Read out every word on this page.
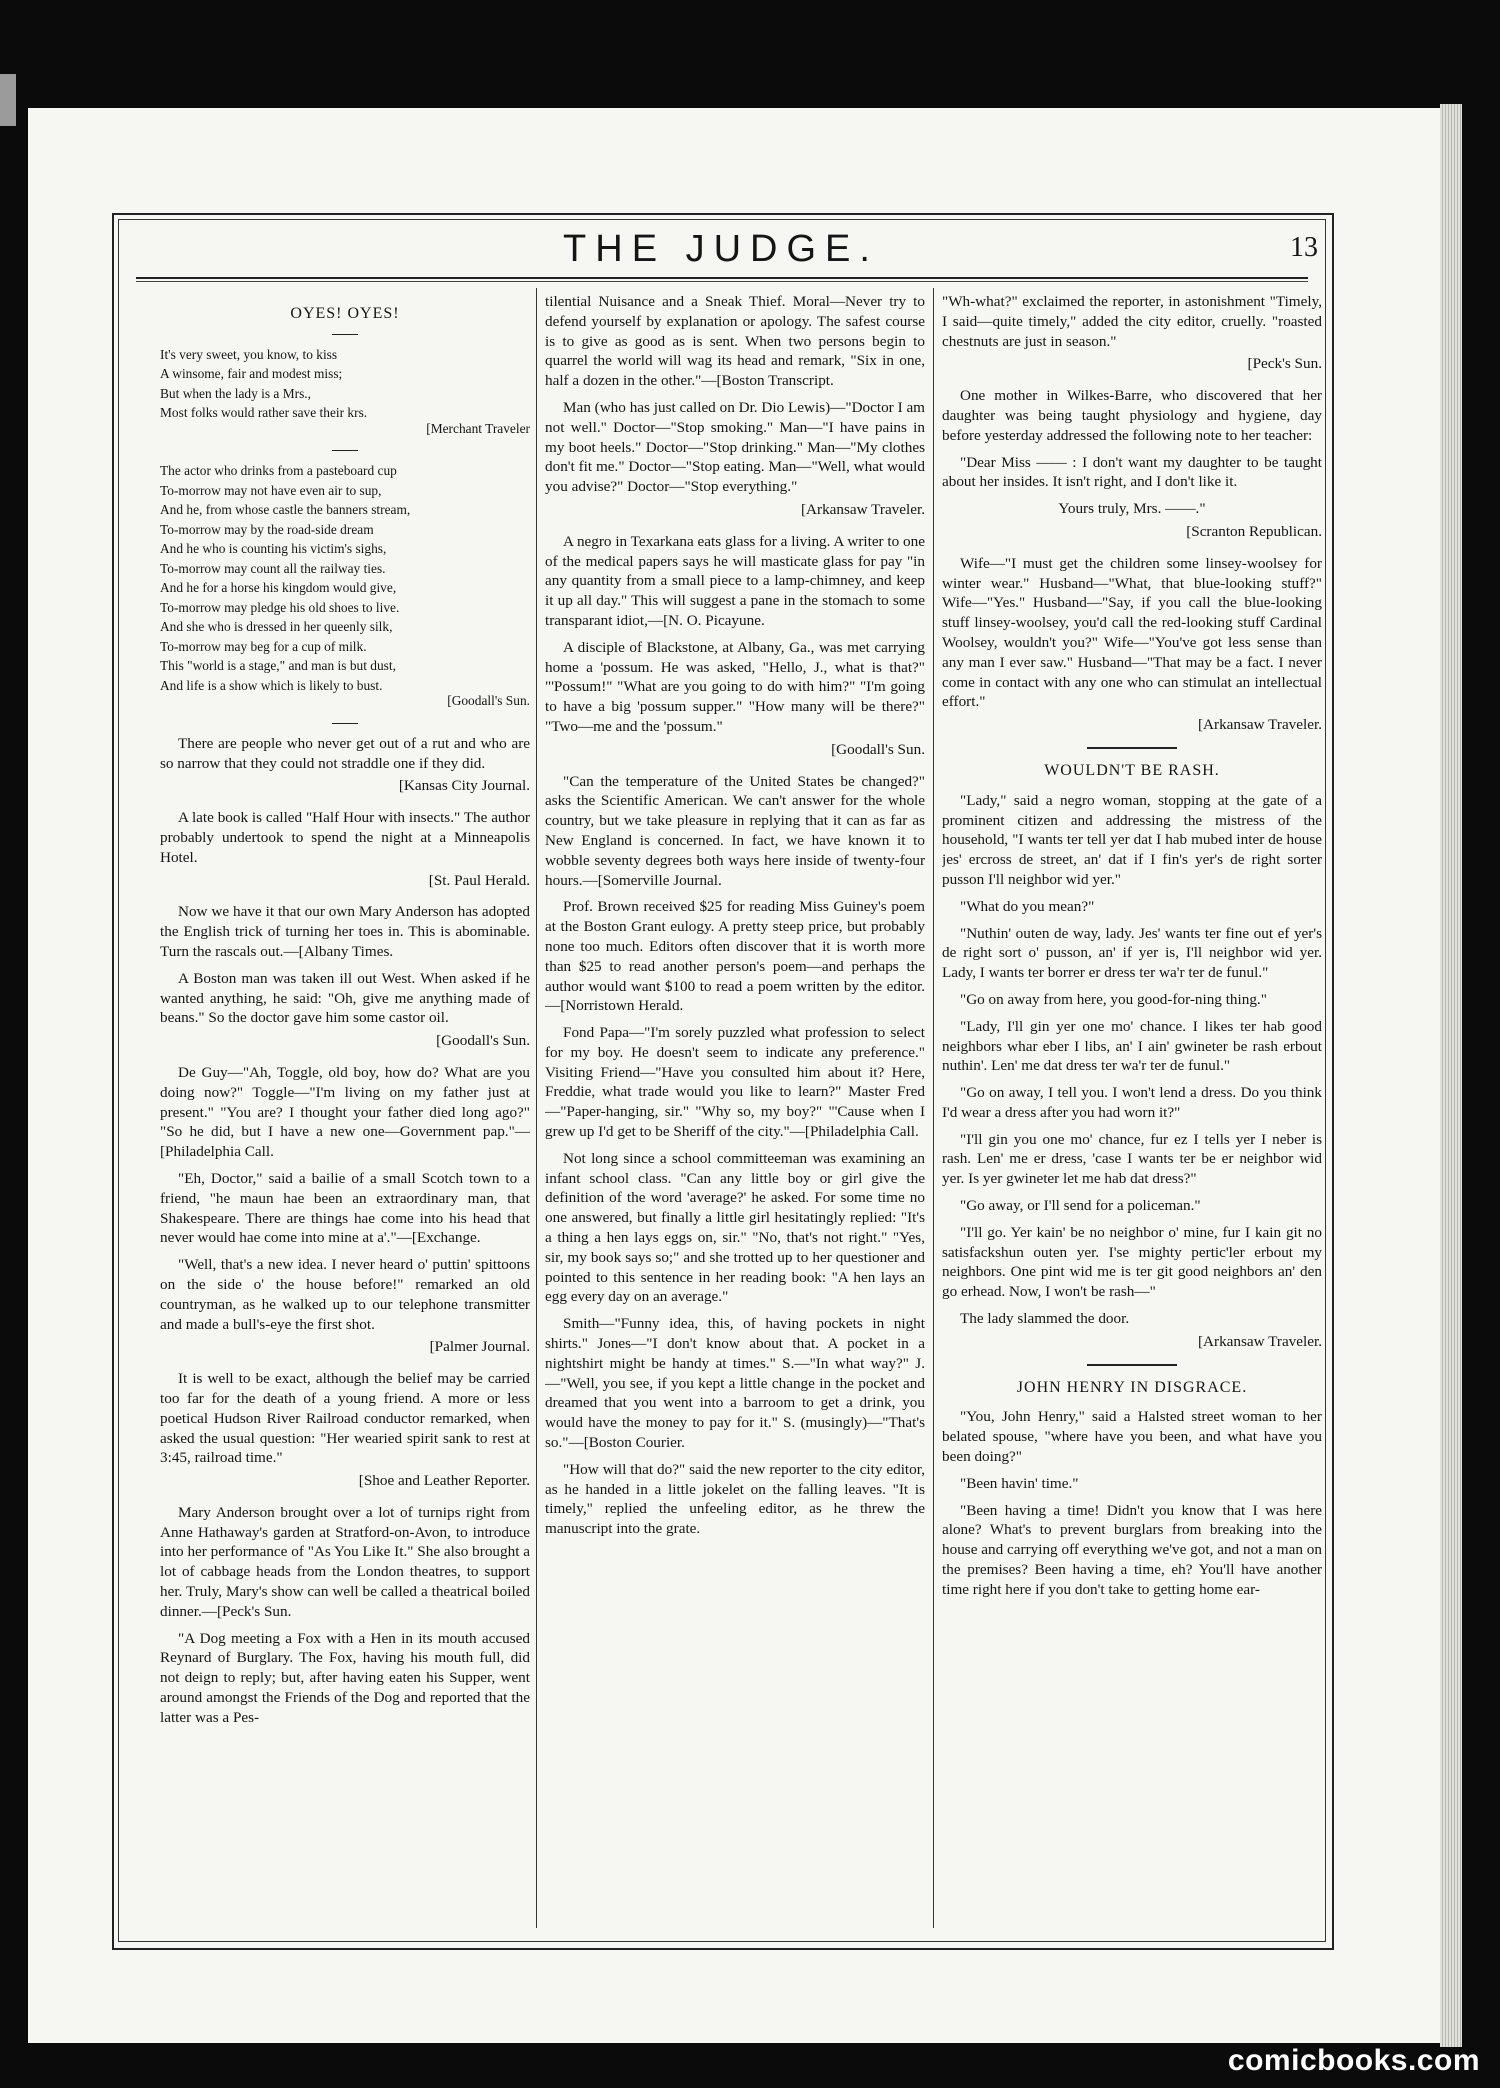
THE JUDGE.	13
OYES! OYES!
It's very sweet, you know, to kiss
A winsome, fair and modest miss;
But when the lady is a Mrs.,
Most folks would rather save their krs.
[Merchant Traveler
The actor who drinks from a pasteboard cup
To-morrow may not have even air to sup,
And he, from whose castle the banners stream,
To-morrow may by the road-side dream
And he who is counting his victim's sighs,
To-morrow may count all the railway ties.
And he for a horse his kingdom would give,
To-morrow may pledge his old shoes to live.
And she who is dressed in her queenly silk,
To-morrow may beg for a cup of milk.
This "world is a stage," and man is but dust,
And life is a show which is likely to bust.
[Goodall's Sun.

There are people who never get out of a rut and who are so narrow that they could not straddle one if they did.

[Kansas City Journal.

A late book is called "Half Hour with insects." The author probably undertook to spend the night at a Minneapolis Hotel.

[St. Paul Herald.

Now we have it that our own Mary Anderson has adopted the English trick of turning her toes in. This is abominable. Turn the rascals out.—[Albany Times.

A Boston man was taken ill out West. When asked if he wanted anything, he said: "Oh, give me anything made of beans." So the doctor gave him some castor oil.

[Goodall's Sun.

De Guy—"Ah, Toggle, old boy, how do? What are you doing now?" Toggle—"I'm living on my father just at present." "You are? I thought your father died long ago?" "So he did, but I have a new one—Government pap."—[Philadelphia Call.

"Eh, Doctor," said a bailie of a small Scotch town to a friend, "he maun hae been an extraordinary man, that Shakespeare. There are things hae come into his head that never would hae come into mine at a'."—[Exchange.

"Well, that's a new idea. I never heard o' puttin' spittoons on the side o' the house before!" remarked an old countryman, as he walked up to our telephone transmitter and made a bull's-eye the first shot.

[Palmer Journal.

It is well to be exact, although the belief may be carried too far for the death of a young friend. A more or less poetical Hudson River Railroad conductor remarked, when asked the usual question: "Her wearied spirit sank to rest at 3:45, railroad time."

[Shoe and Leather Reporter.

Mary Anderson brought over a lot of turnips right from Anne Hathaway's garden at Stratford-on-Avon, to introduce into her performance of "As You Like It." She also brought a lot of cabbage heads from the London theatres, to support her. Truly, Mary's show can well be called a theatrical boiled dinner.—[Peck's Sun.

"A Dog meeting a Fox with a Hen in its mouth accused Reynard of Burglary. The Fox, having his mouth full, did not deign to reply; but, after having eaten his Supper, went around amongst the Friends of the Dog and reported that the latter was a Pes-

tilential Nuisance and a Sneak Thief. Moral—Never try to defend yourself by explanation or apology. The safest course is to give as good as is sent. When two persons begin to quarrel the world will wag its head and remark, "Six in one, half a dozen in the other."—[Boston Transcript.

Man (who has just called on Dr. Dio Lewis)—"Doctor I am not well." Doctor—"Stop smoking." Man—"I have pains in my boot heels." Doctor—"Stop drinking." Man—"My clothes don't fit me." Doctor—"Stop eating. Man—"Well, what would you advise?" Doctor—"Stop everything."

[Arkansaw Traveler.

A negro in Texarkana eats glass for a living. A writer to one of the medical papers says he will masticate glass for pay "in any quantity from a small piece to a lamp-chimney, and keep it up all day." This will suggest a pane in the stomach to some transparant idiot,—[N. O. Picayune.

A disciple of Blackstone, at Albany, Ga., was met carrying home a 'possum. He was asked, "Hello, J., what is that?" "'Possum!" "What are you going to do with him?" "I'm going to have a big 'possum supper." "How many will be there?" "Two—me and the 'possum."

[Goodall's Sun.

"Can the temperature of the United States be changed?" asks the Scientific American. We can't answer for the whole country, but we take pleasure in replying that it can as far as New England is concerned. In fact, we have known it to wobble seventy degrees both ways here inside of twenty-four hours.—[Somerville Journal.

Prof. Brown received $25 for reading Miss Guiney's poem at the Boston Grant eulogy. A pretty steep price, but probably none too much. Editors often discover that it is worth more than $25 to read another person's poem—and perhaps the author would want $100 to read a poem written by the editor.—[Norristown Herald.

Fond Papa—"I'm sorely puzzled what profession to select for my boy. He doesn't seem to indicate any preference." Visiting Friend—"Have you consulted him about it? Here, Freddie, what trade would you like to learn?" Master Fred—"Paper-hanging, sir." "Why so, my boy?" "'Cause when I grew up I'd get to be Sheriff of the city."—[Philadelphia Call.

Not long since a school committeeman was examining an infant school class. "Can any little boy or girl give the definition of the word 'average?' he asked. For some time no one answered, but finally a little girl hesitatingly replied: "It's a thing a hen lays eggs on, sir." "No, that's not right." "Yes, sir, my book says so;" and she trotted up to her questioner and pointed to this sentence in her reading book: "A hen lays an egg every day on an average."

Smith—"Funny idea, this, of having pockets in night shirts." Jones—"I don't know about that. A pocket in a nightshirt might be handy at times." S.—"In what way?" J.—"Well, you see, if you kept a little change in the pocket and dreamed that you went into a barroom to get a drink, you would have the money to pay for it." S. (musingly)—"That's so."—[Boston Courier.

"How will that do?" said the new reporter to the city editor, as he handed in a little jokelet on the falling leaves. "It is timely," replied the unfeeling editor, as he threw the manuscript into the grate.

"Wh-what?" exclaimed the reporter, in astonishment "Timely, I said—quite timely," added the city editor, cruelly. "roasted chestnuts are just in season."

[Peck's Sun.

One mother in Wilkes-Barre, who discovered that her daughter was being taught physiology and hygiene, day before yesterday addressed the following note to her teacher:

"Dear Miss —— : I don't want my daughter to be taught about her insides. It isn't right, and I don't like it.

Yours truly, Mrs. ——."

[Scranton Republican.

Wife—"I must get the children some linsey-woolsey for winter wear." Husband—"What, that blue-looking stuff?" Wife—"Yes." Husband—"Say, if you call the blue-looking stuff linsey-woolsey, you'd call the red-looking stuff Cardinal Woolsey, wouldn't you?" Wife—"You've got less sense than any man I ever saw." Husband—"That may be a fact. I never come in contact with any one who can stimulat an intellectual effort."

[Arkansaw Traveler.

WOULDN'T BE RASH.

"Lady," said a negro woman, stopping at the gate of a prominent citizen and addressing the mistress of the household, "I wants ter tell yer dat I hab mubed inter de house jes' ercross de street, an' dat if I fin's yer's de right sorter pusson I'll neighbor wid yer."

"What do you mean?"

"Nuthin' outen de way, lady. Jes' wants ter fine out ef yer's de right sort o' pusson, an' if yer is, I'll neighbor wid yer. Lady, I wants ter borrer er dress ter wa'r ter de funul."

"Go on away from here, you good-for-ning thing."

"Lady, I'll gin yer one mo' chance. I likes ter hab good neighbors whar eber I libs, an' I ain' gwineter be rash erbout nuthin'. Len' me dat dress ter wa'r ter de funul."

"Go on away, I tell you. I won't lend a dress. Do you think I'd wear a dress after you had worn it?"

"I'll gin you one mo' chance, fur ez I tells yer I neber is rash. Len' me er dress, 'case I wants ter be er neighbor wid yer. Is yer gwineter let me hab dat dress?"

"Go away, or I'll send for a policeman."

"I'll go. Yer kain' be no neighbor o' mine, fur I kain git no satisfackshun outen yer. I'se mighty pertic'ler erbout my neighbors. One pint wid me is ter git good neighbors an' den go erhead. Now, I won't be rash—"

The lady slammed the door.

[Arkansaw Traveler.

JOHN HENRY IN DISGRACE.

"You, John Henry," said a Halsted street woman to her belated spouse, "where have you been, and what have you been doing?"

"Been havin' time."

"Been having a time! Didn't you know that I was here alone? What's to prevent burglars from breaking into the house and carrying off everything we've got, and not a man on the premises? Been having a time, eh? You'll have another time right here if you don't take to getting home ear-

comicbooks.com
